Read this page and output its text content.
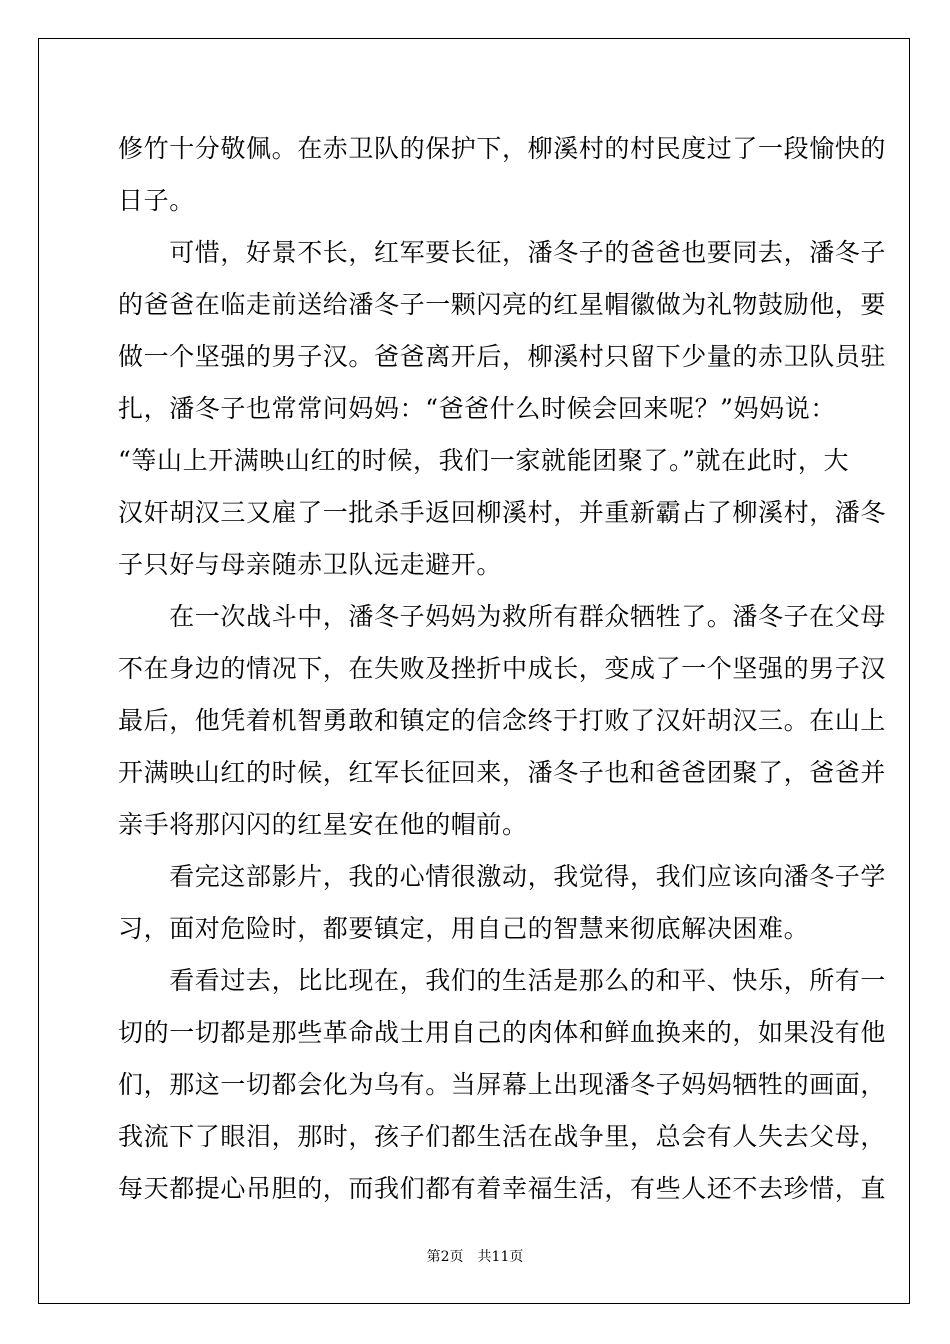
修竹十分敬佩。在赤卫队的保护下，柳溪村的村民度过了一段愉快的
日子。
　　可惜，好景不长，红军要长征，潘冬子的爸爸也要同去，潘冬子
的爸爸在临走前送给潘冬子一颗闪亮的红星帽徽做为礼物鼓励他，要
做一个坚强的男子汉。爸爸离开后，柳溪村只留下少量的赤卫队员驻
扎，潘冬子也常常问妈妈：“爸爸什么时候会回来呢？”妈妈说：
“等山上开满映山红的时候，我们一家就能团聚了。”就在此时，大
汉奸胡汉三又雇了一批杀手返回柳溪村，并重新霸占了柳溪村，潘冬
子只好与母亲随赤卫队远走避开。
　　在一次战斗中，潘冬子妈妈为救所有群众牺牲了。潘冬子在父母
不在身边的情况下，在失败及挫折中成长，变成了一个坚强的男子汉
最后，他凭着机智勇敢和镇定的信念终于打败了汉奸胡汉三。在山上
开满映山红的时候，红军长征回来，潘冬子也和爸爸团聚了，爸爸并
亲手将那闪闪的红星安在他的帽前。
　　看完这部影片，我的心情很激动，我觉得，我们应该向潘冬子学
习，面对危险时，都要镇定，用自己的智慧来彻底解决困难。
　　看看过去，比比现在，我们的生活是那么的和平、快乐，所有一
切的一切都是那些革命战士用自己的肉体和鲜血换来的，如果没有他
们，那这一切都会化为乌有。当屏幕上出现潘冬子妈妈牺牲的画面，
我流下了眼泪，那时，孩子们都生活在战争里，总会有人失去父母，
每天都提心吊胆的，而我们都有着幸福生活，有些人还不去珍惜，直
第2页　共11页
